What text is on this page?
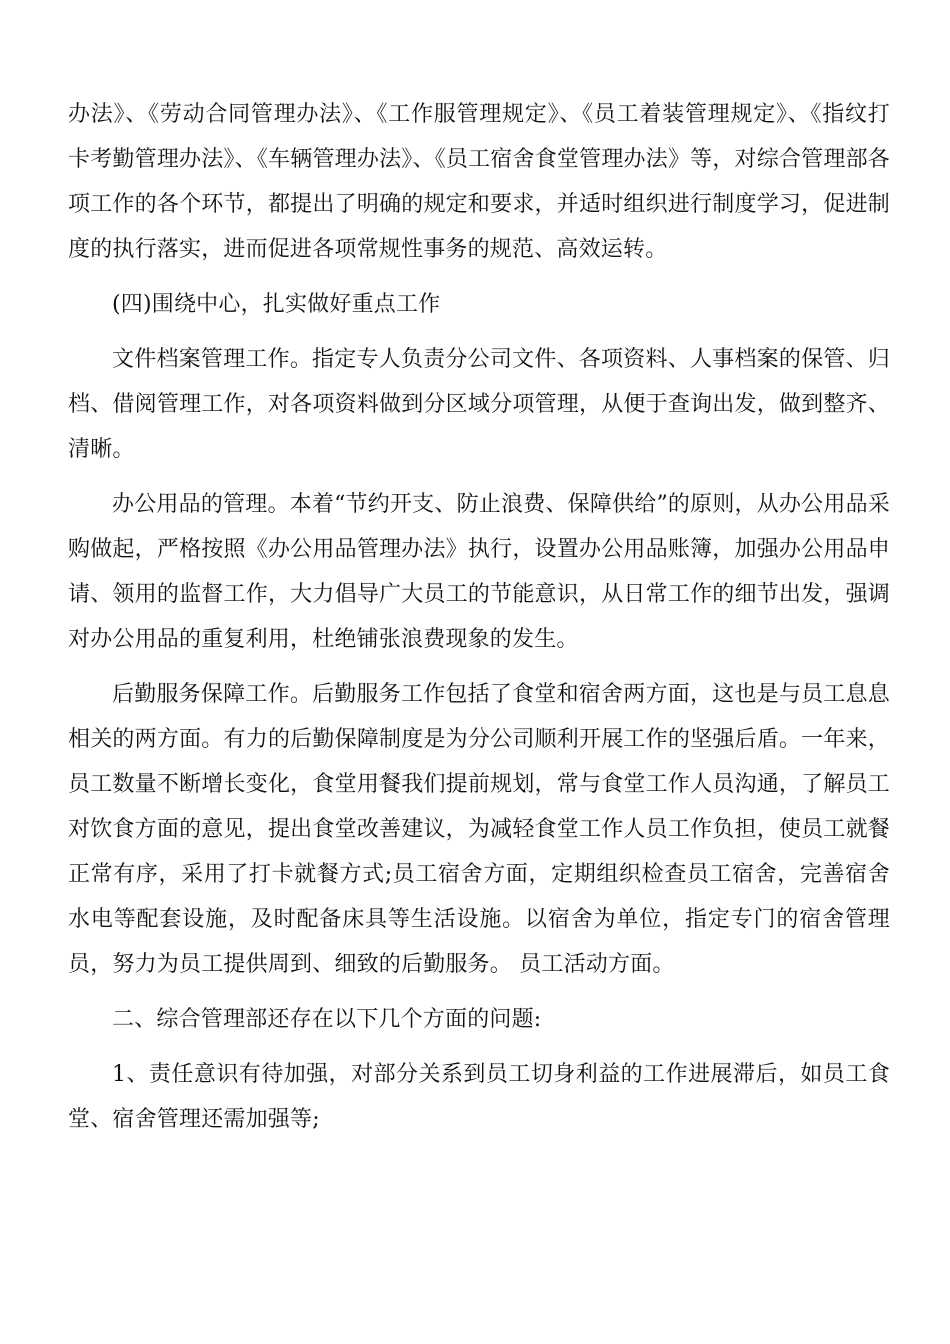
办法》、《劳动合同管理办法》、《工作服管理规定》、《员工着装管理规定》、《指纹打卡考勤管理办法》、《车辆管理办法》、《员工宿舍食堂管理办法》等，对综合管理部各项工作的各个环节，都提出了明确的规定和要求，并适时组织进行制度学习，促进制度的执行落实，进而促进各项常规性事务的规范、高效运转。

(四)围绕中心，扎实做好重点工作

文件档案管理工作。指定专人负责分公司文件、各项资料、人事档案的保管、归档、借阅管理工作，对各项资料做到分区域分项管理，从便于查询出发，做到整齐、清晰。

办公用品的管理。本着“节约开支、防止浪费、保障供给”的原则，从办公用品采购做起，严格按照《办公用品管理办法》执行，设置办公用品账簿，加强办公用品申请、领用的监督工作，大力倡导广大员工的节能意识，从日常工作的细节出发，强调对办公用品的重复利用，杜绝铺张浪费现象的发生。

后勤服务保障工作。后勤服务工作包括了食堂和宿舍两方面，这也是与员工息息相关的两方面。有力的后勤保障制度是为分公司顺利开展工作的坚强后盾。一年来，员工数量不断增长变化，食堂用餐我们提前规划，常与食堂工作人员沟通，了解员工对饮食方面的意见，提出食堂改善建议，为减轻食堂工作人员工作负担，使员工就餐正常有序，采用了打卡就餐方式;员工宿舍方面，定期组织检查员工宿舍，完善宿舍水电等配套设施，及时配备床具等生活设施。以宿舍为单位，指定专门的宿舍管理员，努力为员工提供周到、细致的后勤服务。 员工活动方面。

二、综合管理部还存在以下几个方面的问题:

1、责任意识有待加强，对部分关系到员工切身利益的工作进展滞后，如员工食堂、宿舍管理还需加强等;
